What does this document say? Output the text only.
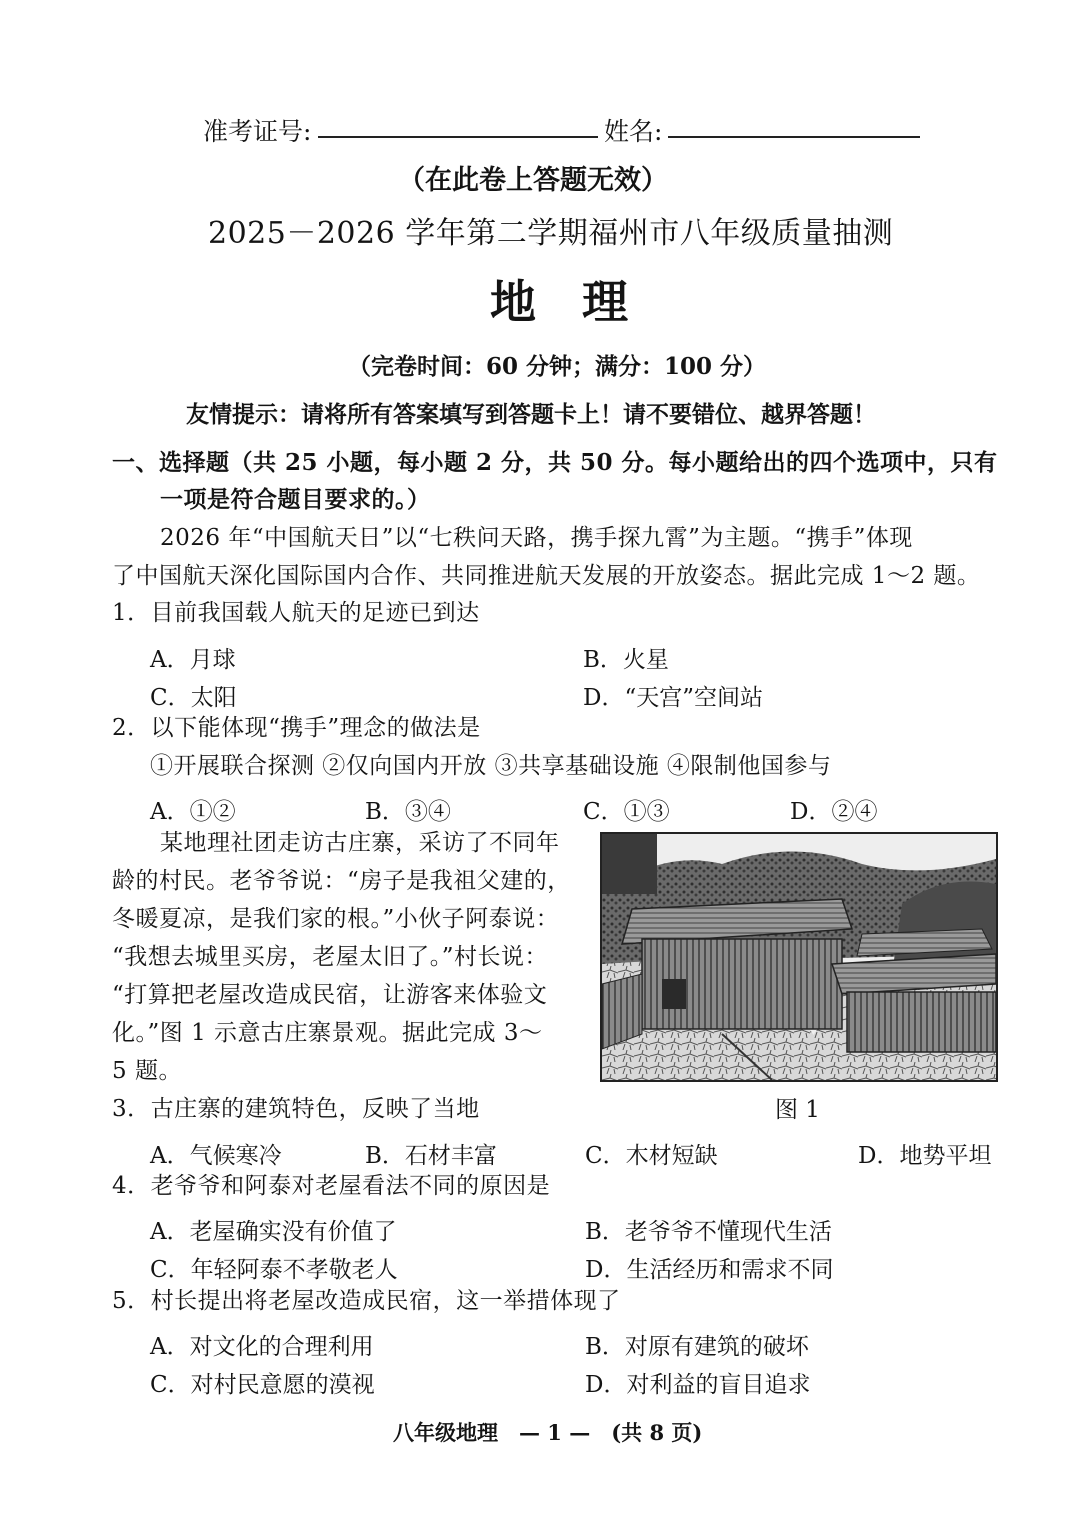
准考证号:	姓名:
（在此卷上答题无效）
2025－2026 学年第二学期福州市八年级质量抽测
地　理
（完卷时间：60 分钟；满分：100 分）
友情提示：请将所有答案填写到答题卡上！请不要错位、越界答题！
一、选择题（共 25 小题，每小题 2 分，共 50 分。每小题给出的四个选项中，只有
一项是符合题目要求的。）
2026 年“中国航天日”以“七秩问天路，携手探九霄”为主题。“携手”体现
了中国航天深化国际国内合作、共同推进航天发展的开放姿态。据此完成 1～2 题。
1．目前我国载人航天的足迹已到达
A．月球	B．火星
C．太阳	D．“天宫”空间站
2．以下能体现“携手”理念的做法是
①开展联合探测 ②仅向国内开放 ③共享基础设施 ④限制他国参与
A．①②	B．③④	C．①③	D．②④
某地理社团走访古庄寨，采访了不同年
龄的村民。老爷爷说：“房子是我祖父建的，
冬暖夏凉，是我们家的根。”小伙子阿泰说：
“我想去城里买房，老屋太旧了。”村长说：
“打算把老屋改造成民宿，让游客来体验文
化。”图 1 示意古庄寨景观。据此完成 3～
5 题。
图 1
3．古庄寨的建筑特色，反映了当地
A．气候寒冷	B．石材丰富	C．木材短缺	D．地势平坦
4．老爷爷和阿泰对老屋看法不同的原因是
A．老屋确实没有价值了	B．老爷爷不懂现代生活
C．年轻阿泰不孝敬老人	D．生活经历和需求不同
5．村长提出将老屋改造成民宿，这一举措体现了
A．对文化的合理利用	B．对原有建筑的破坏
C．对村民意愿的漠视	D．对利益的盲目追求
八年级地理　— 1 —　(共 8 页)
